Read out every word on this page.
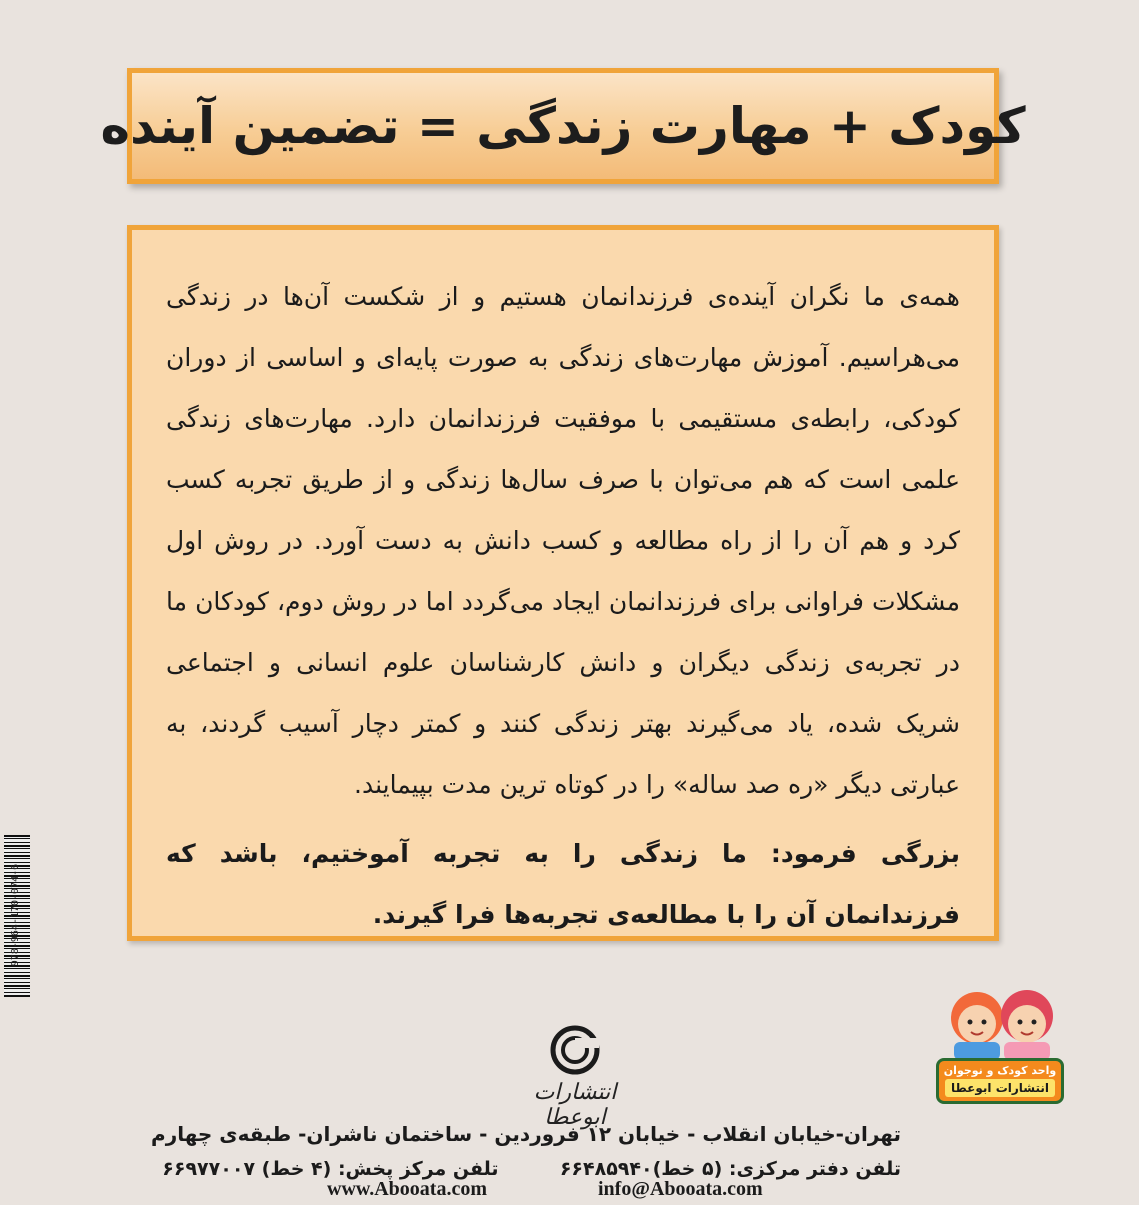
کودک + مهارت زندگی = تضمین آینده

همه‌ی ما نگران آینده‌ی فرزندانمان هستیم و از شکست آن‌ها در زندگی می‌هراسیم. آموزش مهارت‌های زندگی به صورت پایه‌ای و اساسی از دوران کودکی، رابطه‌ی مستقیمی با موفقیت فرزندانمان دارد. مهارت‌های زندگی علمی است که هم می‌توان با صرف سال‌ها زندگی و از طریق تجربه کسب کرد و هم آن را از راه مطالعه و کسب دانش به دست آورد. در روش اول مشکلات فراوانی برای فرزندانمان ایجاد می‌گردد اما در روش دوم، کودکان ما در تجربه‌ی زندگی دیگران و دانش کارشناسان علوم انسانی و اجتماعی شریک شده، یاد می‌گیرند بهتر زندگی کنند و کمتر دچار آسیب گردند، به عبارتی دیگر «ره صد ساله» را در کوتاه ترین مدت بپیمایند.

بزرگی فرمود: ما زندگی را به تجربه آموختیم، باشد که فرزندانمان آن را با مطالعه‌ی تجربه‌ها فرا گیرند.

978-964-170-074-6
واحد کودک و نوجوان
انتشارات ابوعطا
انتشارات ابوعطا
تهران-خیابان انقلاب - خیابان ۱۲ فروردین - ساختمان ناشران- طبقه‌ی چهارم
تلفن دفتر مرکزی: (۵ خط)۶۶۴۸۵۹۴۰  تلفن مرکز پخش: (۴ خط) ۶۶۹۷۷۰۰۷
info@Abooata.com
www.Abooata.com
